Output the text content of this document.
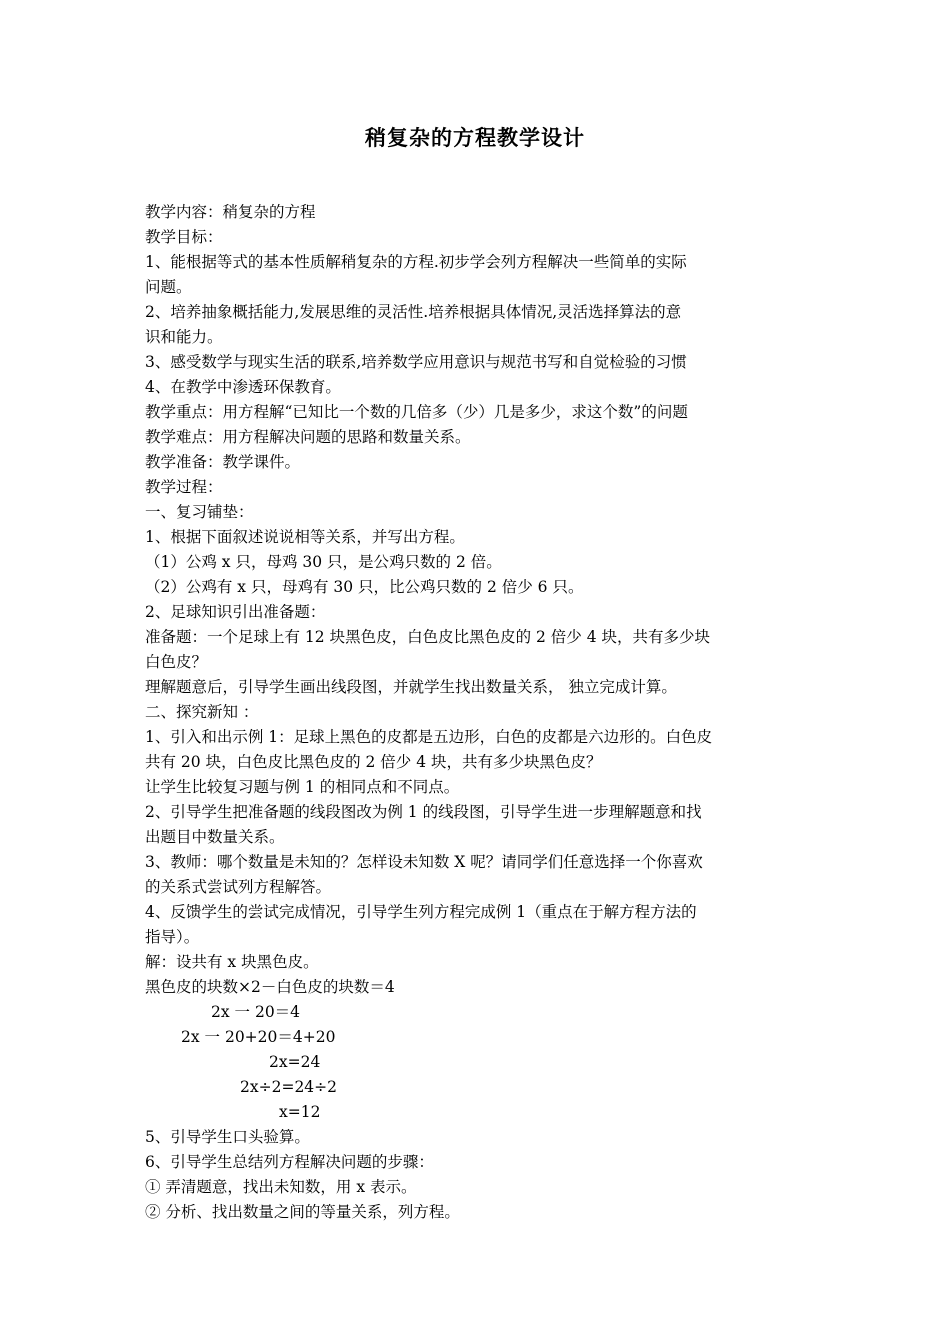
稍复杂的方程教学设计

教学内容：稍复杂的方程

教学目标：

1、能根据等式的基本性质解稍复杂的方程.初步学会列方程解决一些简单的实际

问题。

2、培养抽象概括能力,发展思维的灵活性.培养根据具体情况,灵活选择算法的意

识和能力。

3、感受数学与现实生活的联系,培养数学应用意识与规范书写和自觉检验的习惯

4、在教学中渗透环保教育。

教学重点：用方程解“已知比一个数的几倍多（少）几是多少，求这个数”的问题

教学难点：用方程解决问题的思路和数量关系。

教学准备：教学课件。

教学过程：

一、复习铺垫：

1、根据下面叙述说说相等关系，并写出方程。

（1）公鸡 x 只，母鸡 30 只，是公鸡只数的 2 倍。

（2）公鸡有 x 只，母鸡有 30 只，比公鸡只数的 2 倍少 6 只。

2、足球知识引出准备题：

准备题：一个足球上有 12 块黑色皮，白色皮比黑色皮的 2 倍少 4 块，共有多少块

白色皮？

理解题意后，引导学生画出线段图，并就学生找出数量关系， 独立完成计算。

二、探究新知 ：

1、引入和出示例 1：足球上黑色的皮都是五边形，白色的皮都是六边形的。白色皮

共有 20 块，白色皮比黑色皮的 2 倍少 4 块，共有多少块黑色皮？

让学生比较复习题与例 1 的相同点和不同点。

2、引导学生把准备题的线段图改为例 1 的线段图，引导学生进一步理解题意和找

出题目中数量关系。

3、教师：哪个数量是未知的？怎样设未知数 X 呢？请同学们任意选择一个你喜欢

的关系式尝试列方程解答。

4、反馈学生的尝试完成情况，引导学生列方程完成例 1（重点在于解方程方法的

指导）。

解：设共有 x 块黑色皮。

黑色皮的块数×2－白色皮的块数＝4

2x 一 20＝4

2x 一 20+20＝4+20

2x=24

2x÷2=24÷2

x=12

5、引导学生口头验算。

6、引导学生总结列方程解决问题的步骤：

① 弄清题意，找出未知数，用 x 表示。

② 分析、找出数量之间的等量关系，列方程。
